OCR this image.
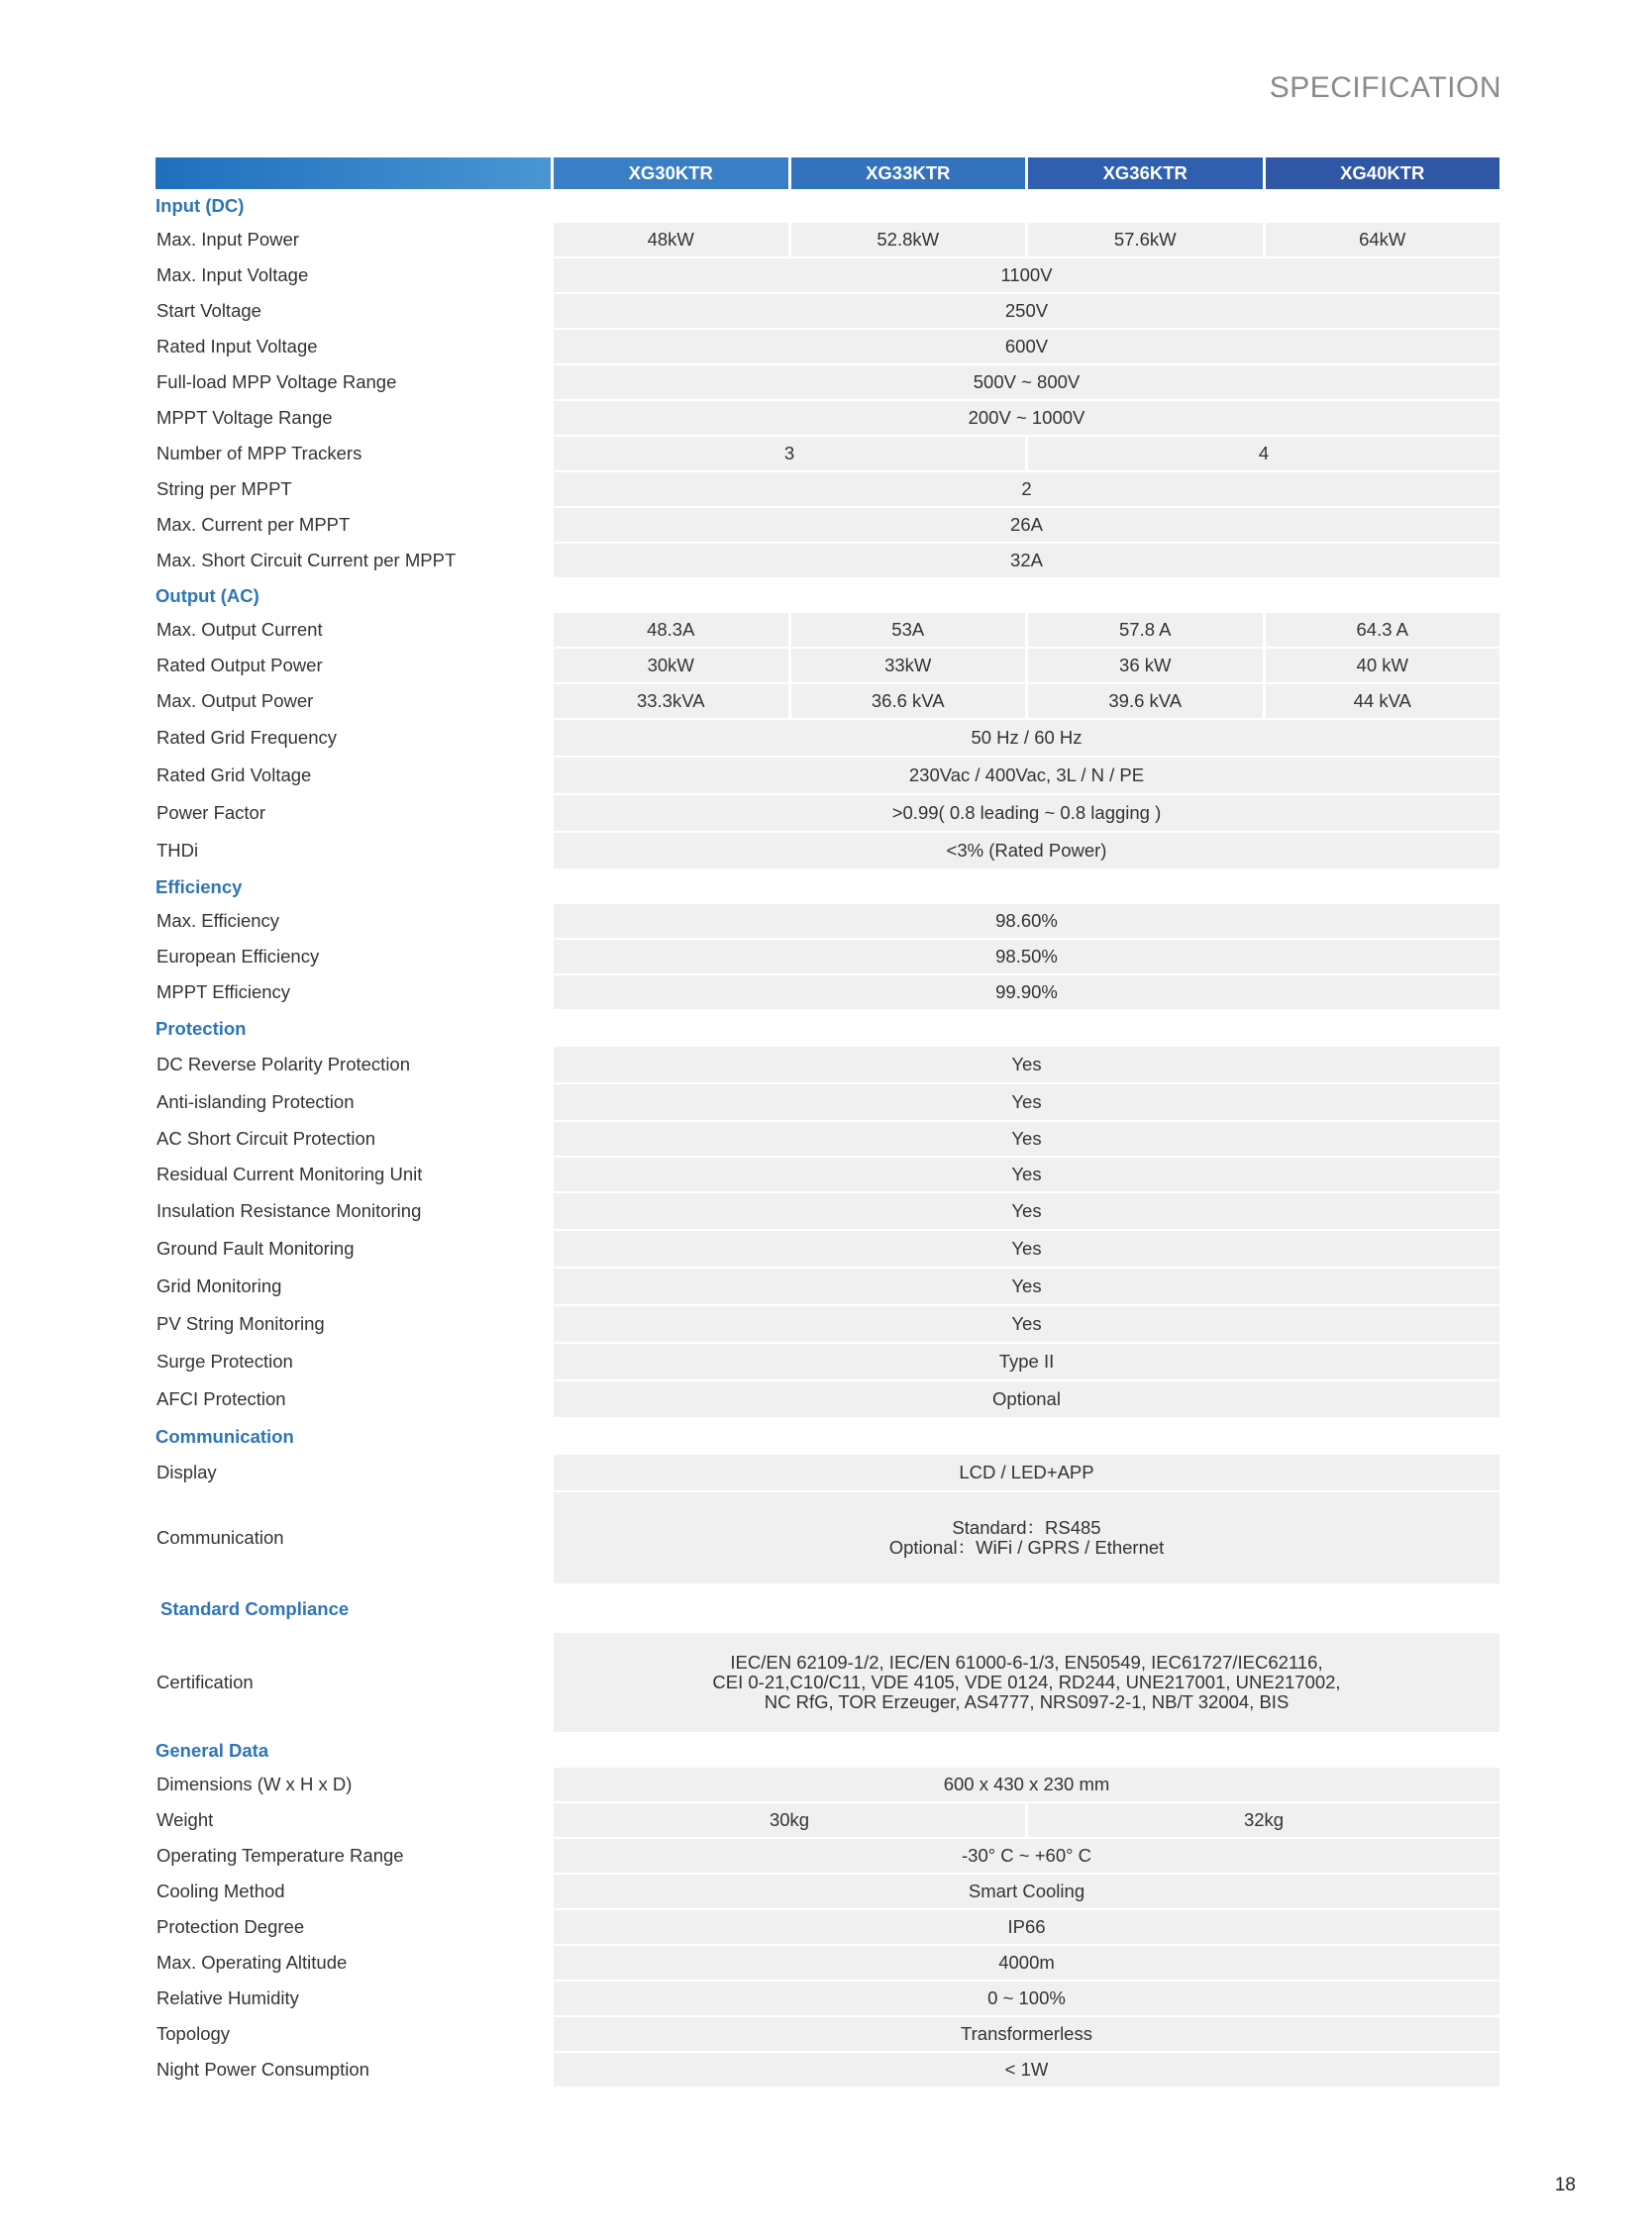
SPECIFICATION
	XG30KTR	XG33KTR	XG36KTR	XG40KTR
Input (DC)				
Max. Input Power	48kW	52.8kW	57.6kW	64kW
Max. Input Voltage	1100V			
Start Voltage	250V			
Rated Input Voltage	600V			
Full-load MPP Voltage Range	500V ~ 800V			
MPPT Voltage Range	200V ~ 1000V			
Number of MPP Trackers	3		4	
String per MPPT	2			
Max. Current per MPPT	26A			
Max. Short Circuit Current per MPPT	32A			
Output (AC)				
Max. Output Current	48.3A	53A	57.8 A	64.3 A
Rated Output Power	30kW	33kW	36 kW	40 kW
Max. Output Power	33.3kVA	36.6 kVA	39.6 kVA	44 kVA
Rated Grid Frequency	50 Hz / 60 Hz			
Rated Grid Voltage	230Vac / 400Vac, 3L / N / PE			
Power Factor	>0.99( 0.8 leading ~ 0.8 lagging )			
THDi	<3% (Rated Power)			
Efficiency				
Max. Efficiency	98.60%			
European Efficiency	98.50%			
MPPT Efficiency	99.90%			
Protection				
DC Reverse Polarity Protection	Yes			
Anti-islanding Protection	Yes			
AC Short Circuit Protection	Yes			
Residual Current Monitoring Unit	Yes			
Insulation Resistance Monitoring	Yes			
Ground Fault Monitoring	Yes			
Grid Monitoring	Yes			
PV String Monitoring	Yes			
Surge Protection	Type II			
AFCI Protection	Optional			
Communication				
Display	LCD / LED+APP			
Communication	Standard：RS485
Optional：WiFi / GPRS / Ethernet			

Standard Compliance				
Certification	IEC/EN 62109-1/2, IEC/EN 61000-6-1/3, EN50549, IEC61727/IEC62116,
CEI 0-21,C10/C11, VDE 4105, VDE 0124, RD244, UNE217001, UNE217002,
NC RfG, TOR Erzeuger, AS4777, NRS097-2-1, NB/T 32004, BIS			

General Data				
Dimensions (W x H x D)	600 x 430 x 230 mm			
Weight	30kg		32kg	
Operating Temperature Range	-30° C ~ +60° C			
Cooling Method	Smart Cooling			
Protection Degree	IP66			
Max. Operating Altitude	4000m			
Relative Humidity	0 ~ 100%			
Topology	Transformerless			
Night Power Consumption	< 1W			
18
